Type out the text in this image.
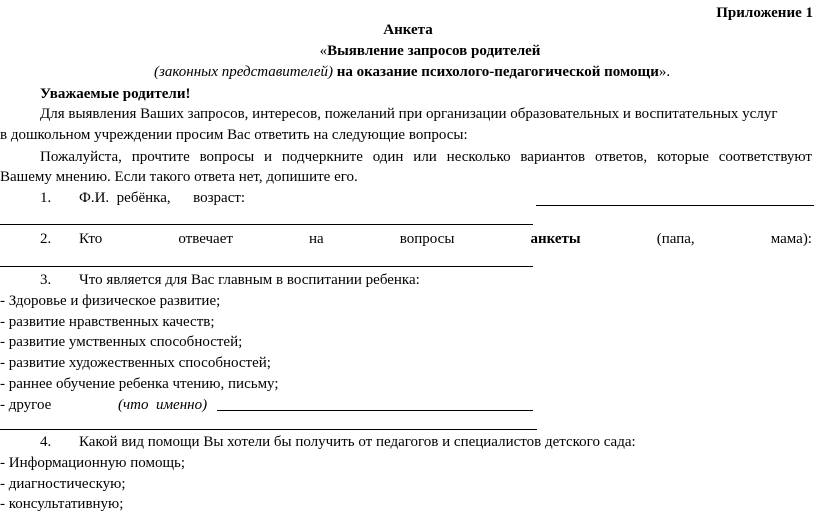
Приложение 1
Анкета
«Выявление запросов родителей
(законных представителей) на оказание психолого-педагогической помощи».
Уважаемые родители!
Для выявления Ваших запросов, интересов, пожеланий при организации образовательных и воспитательных услуг
в дошкольном учреждении просим Вас ответить на следующие вопросы:
Пожалуйста, прочтите вопросы и подчеркните один или несколько вариантов ответов, которые соответствуют
Вашему мнению. Если такого ответа нет, допишите его.
1. Ф.И.  ребёнка,      возраст:
2. Кто	отвечает	на	вопросы	анкеты	(папа,	мама):
3. Что является для Вас главным в воспитании ребенка:
- Здоровье и физическое развитие;
- развитие нравственных качеств;
- развитие умственных способностей;
- развитие художественных способностей;
- раннее обучение ребенка чтению, письму;
- другое	(что  именно)
4. Какой вид помощи Вы хотели бы получить от педагогов и специалистов детского сада:
- Информационную помощь;
- диагностическую;
- консультативную;
